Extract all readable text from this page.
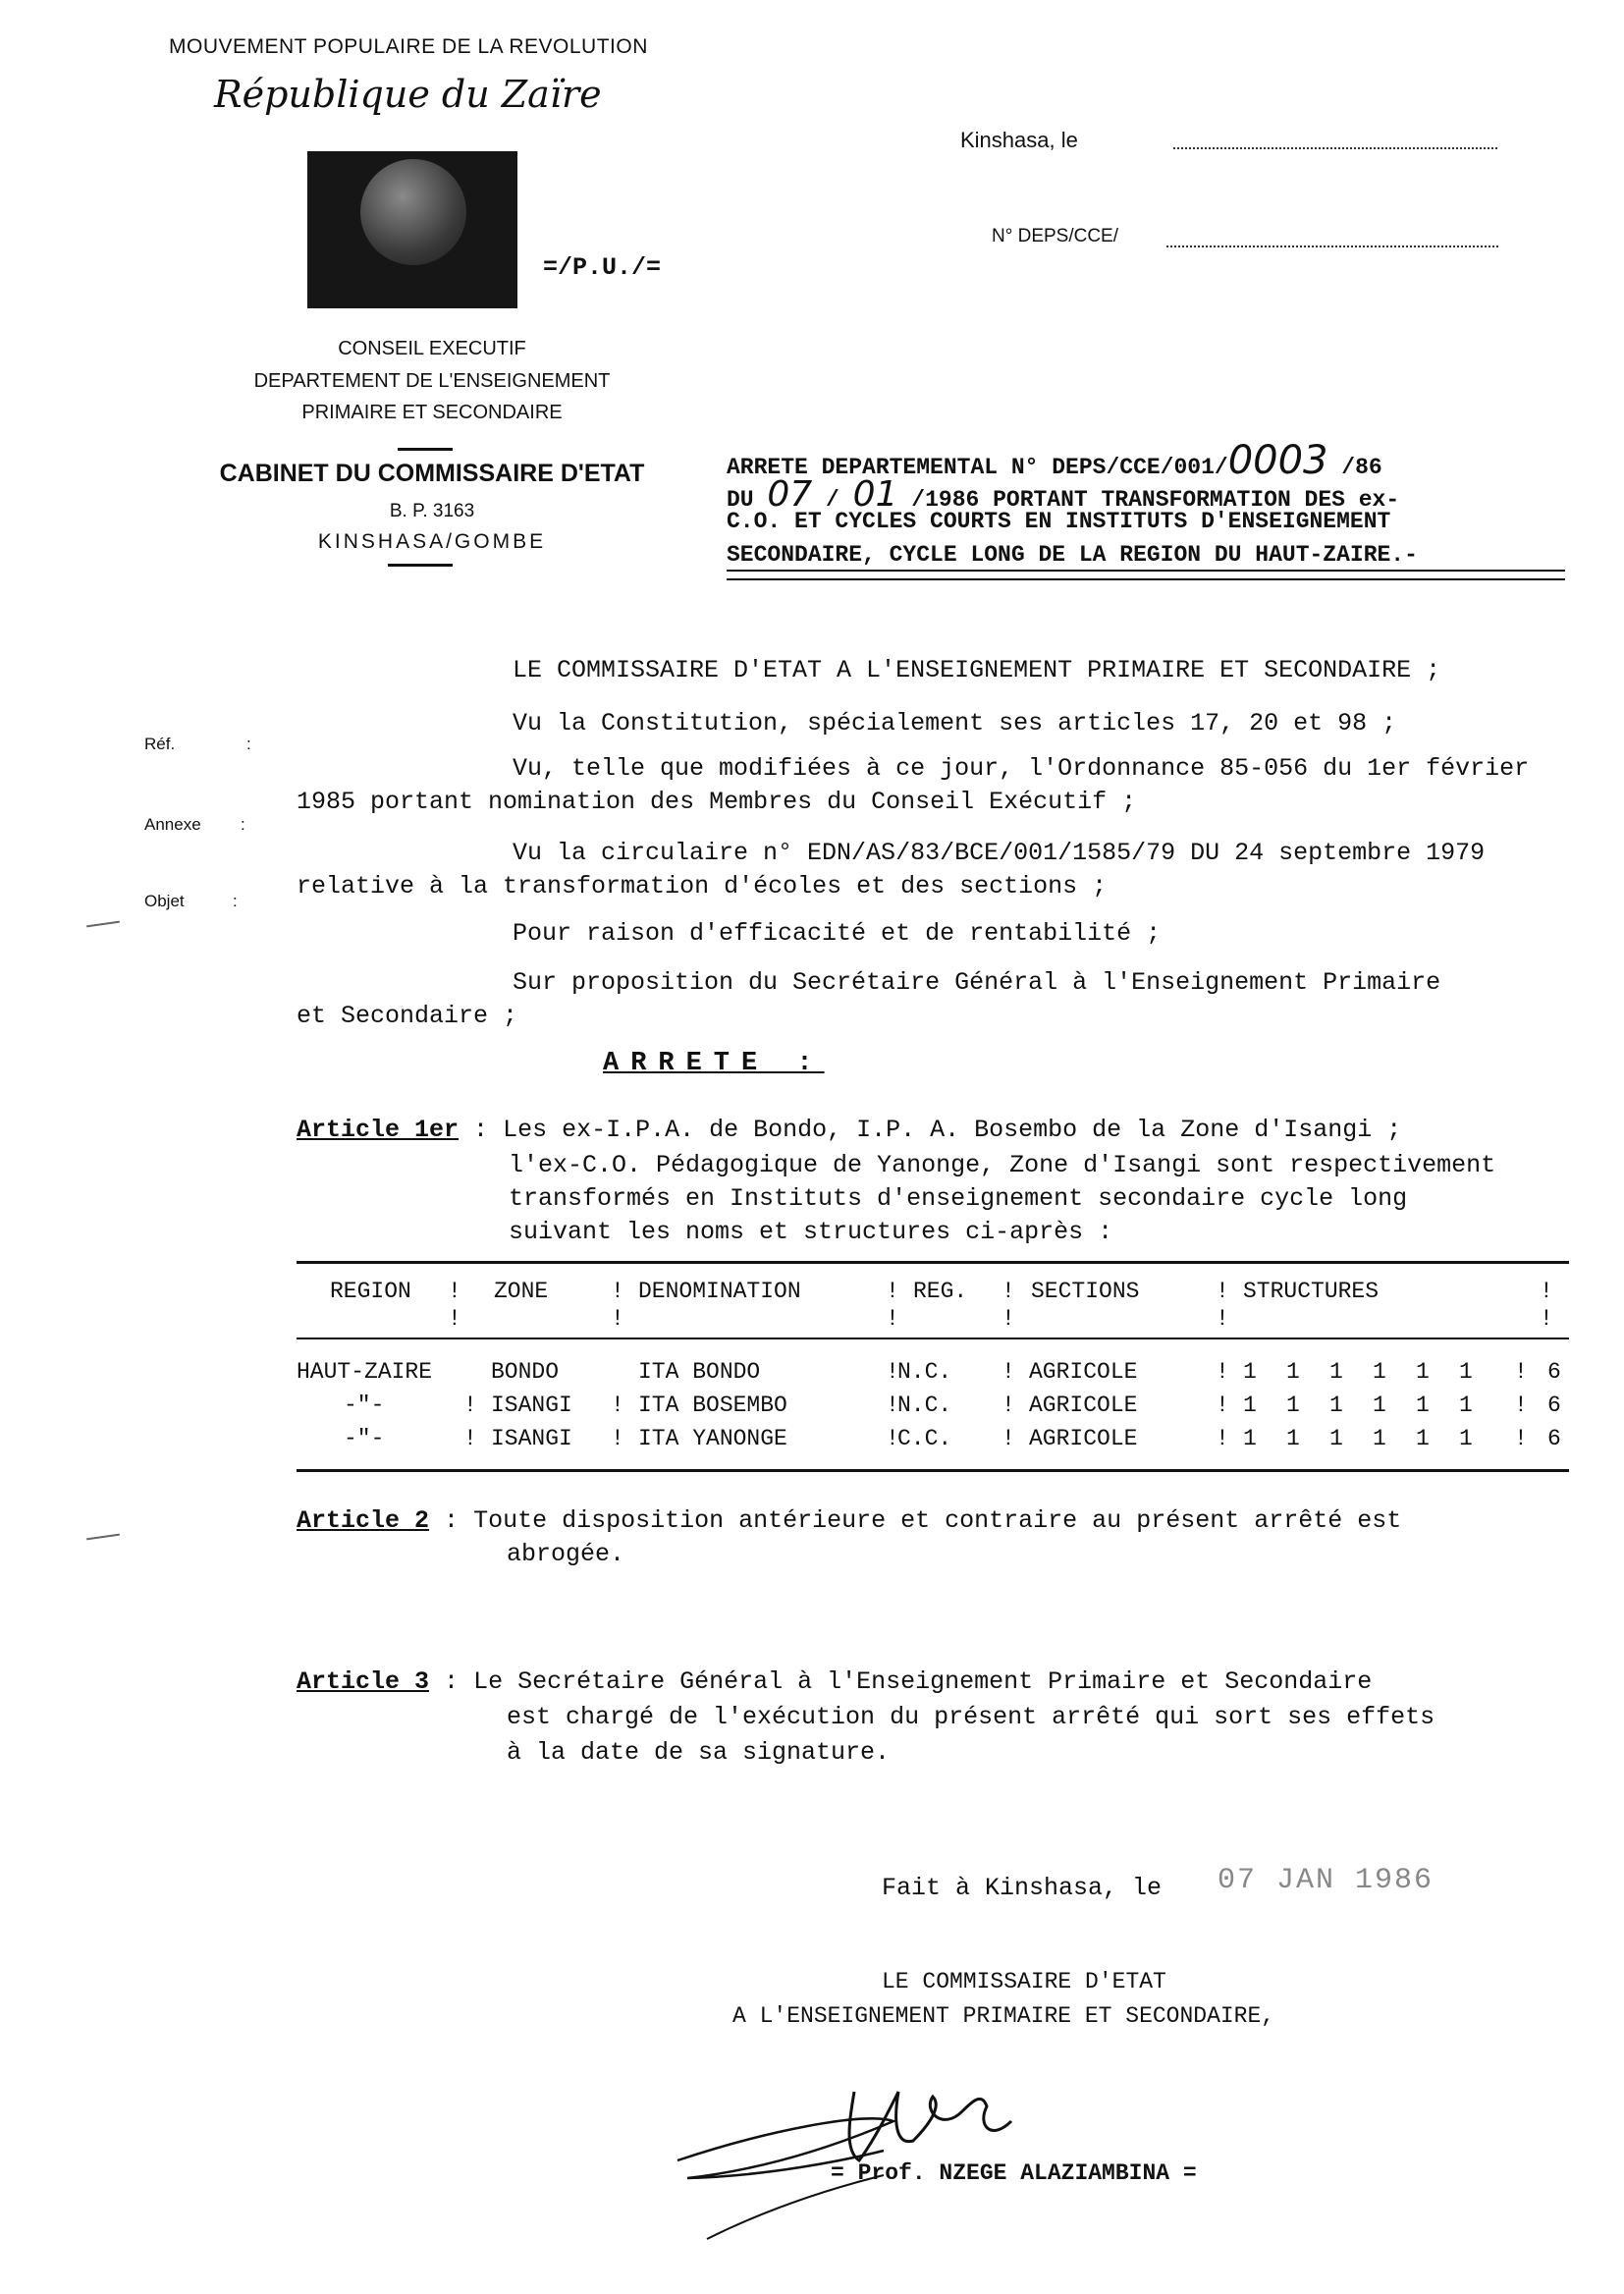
MOUVEMENT POPULAIRE DE LA REVOLUTION
République du Zaïre
=/P.U./=
CONSEIL EXECUTIF
DEPARTEMENT DE L'ENSEIGNEMENT
PRIMAIRE ET SECONDAIRE
CABINET DU COMMISSAIRE D'ETAT
B. P. 3163
KINSHASA/GOMBE
Kinshasa, le
N° DEPS/CCE/
ARRETE DEPARTEMENTAL N° DEPS/CCE/001/0003 /86
DU 07 / 01 /1986 PORTANT TRANSFORMATION DES ex-
C.O. ET CYCLES COURTS EN INSTITUTS D'ENSEIGNEMENT
SECONDAIRE, CYCLE LONG DE LA REGION DU HAUT-ZAIRE.-
Réf.	:
Annexe :
Objet	:
LE COMMISSAIRE D'ETAT A L'ENSEIGNEMENT PRIMAIRE ET SECONDAIRE ;
Vu la Constitution, spécialement ses articles 17, 20 et 98 ;
Vu, telle que modifiées à ce jour, l'Ordonnance 85-056 du 1er février
1985 portant nomination des Membres du Conseil Exécutif ;
Vu la circulaire n° EDN/AS/83/BCE/001/1585/79 DU 24 septembre 1979
relative à la transformation d'écoles et des sections ;
Pour raison d'efficacité et de rentabilité ;
Sur proposition du Secrétaire Général à l'Enseignement Primaire
et Secondaire ;
ARRETE :
Article 1er : Les ex-I.P.A. de Bondo, I.P. A. Bosembo de la Zone d'Isangi ;
l'ex-C.O. Pédagogique de Yanonge, Zone d'Isangi sont respectivement
transformés en Instituts d'enseignement secondaire cycle long
suivant les noms et structures ci-après :
REGION ! ZONE	! DENOMINATION	! REG. ! SECTIONS	! STRUCTURES	!
!	!	!	!	!	!
HAUT-ZAIRE	BONDO	ITA BONDO	N.C.	AGRICOLE	1 1 1 1 1 1	6
!	!	!	!
-"-	ISANGI	ITA BOSEMBO	N.C.	AGRICOLE	1 1 1 1 1 1	6
!	!	!	!	!
!
-"-	ISANGI	ITA YANONGE	C.C.	AGRICOLE	1 1 1 1 1 1	6
!	!	!	!	!
!
Article 2 : Toute disposition antérieure et contraire au présent arrêté est
abrogée.
Article 3 : Le Secrétaire Général à l'Enseignement Primaire et Secondaire
est chargé de l'exécution du présent arrêté qui sort ses effets
à la date de sa signature.
Fait à Kinshasa, le 07 JAN 1986
LE COMMISSAIRE D'ETAT
A L'ENSEIGNEMENT PRIMAIRE ET SECONDAIRE,
= Prof. NZEGE ALAZIAMBINA =
